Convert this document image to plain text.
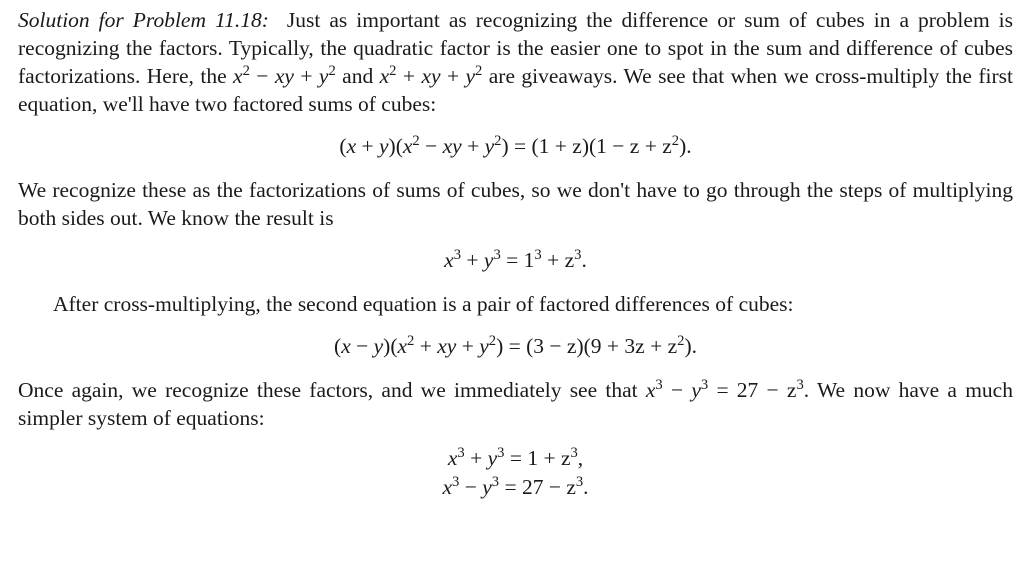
Solution for Problem 11.18: Just as important as recognizing the difference or sum of cubes in a problem is recognizing the factors. Typically, the quadratic factor is the easier one to spot in the sum and difference of cubes factorizations. Here, the $x^2$ − xy + $y^2$ and $x^2$ + xy + $y^2$ are giveaways. We see that when we cross-multiply the first equation, we'll have two factored sums of cubes:

$(x + y)(x^2$ − xy + $y^2) = (1 + z)(1 - z + z^2)$.

We recognize these as the factorizations of sums of cubes, so we don't have to go through the steps of multiplying both sides out. We know the result is

$x^3 + y^3 = 1^3 + z^3$.

After cross-multiplying, the second equation is a pair of factored differences of cubes:

$(x - y)(x^2$ + xy + $y^2) = (3 - z)(9 + 3z + z^2)$.

Once again, we recognize these factors, and we immediately see that $x^3 - y^3 = 27 - z^3$. We now have a much simpler system of equations:

$x^3 + y^3 = 1 + z^3$,
$x^3 - y^3 = 27 - z^3$.
